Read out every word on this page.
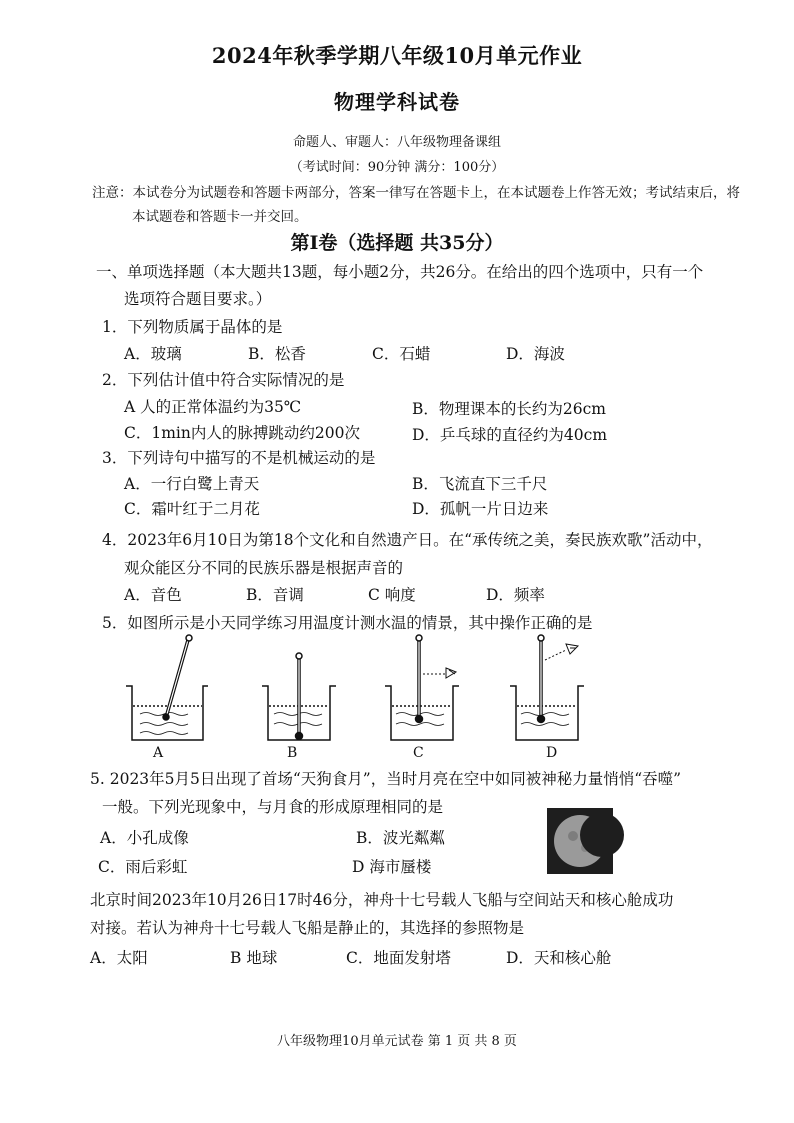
2024年秋季学期八年级10月单元作业
物理学科试卷
命题人、审题人：八年级物理备课组
（考试时间：90分钟 满分：100分）
注意：本试卷分为试题卷和答题卡两部分，答案一律写在答题卡上，在本试题卷上作答无效；考试结束后，将
本试题卷和答题卡一并交回。
第Ⅰ卷（选择题 共35分）
一、单项选择题（本大题共13题，每小题2分，共26分。在给出的四个选项中，只有一个
选项符合题目要求。）
1．下列物质属于晶体的是
A．玻璃	B．松香	C．石蜡	D．海波
2．下列估计值中符合实际情况的是
A 人的正常体温约为35℃	B．物理课本的长约为26cm
C．1min内人的脉搏跳动约200次	D．乒乓球的直径约为40cm
3．下列诗句中描写的不是机械运动的是
A．一行白鹭上青天	B．飞流直下三千尺
C．霜叶红于二月花	D．孤帆一片日边来
4．2023年6月10日为第18个文化和自然遗产日。在“承传统之美，奏民族欢歌”活动中，
观众能区分不同的民族乐器是根据声音的
A．音色	B．音调	C 响度	D．频率
5．如图所示是小天同学练习用温度计测水温的情景，其中操作正确的是
A	B	C	D
5. 2023年5月5日出现了首场“天狗食月”，当时月亮在空中如同被神秘力量悄悄“吞噬”
一般。下列光现象中，与月食的形成原理相同的是
A．小孔成像	B．波光粼粼
C．雨后彩虹	D 海市蜃楼
北京时间2023年10月26日17时46分，神舟十七号载人飞船与空间站天和核心舱成功
对接。若认为神舟十七号载人飞船是静止的，其选择的参照物是
A．太阳	B 地球	C．地面发射塔	D．天和核心舱
八年级物理10月单元试卷 第 1 页 共 8 页
